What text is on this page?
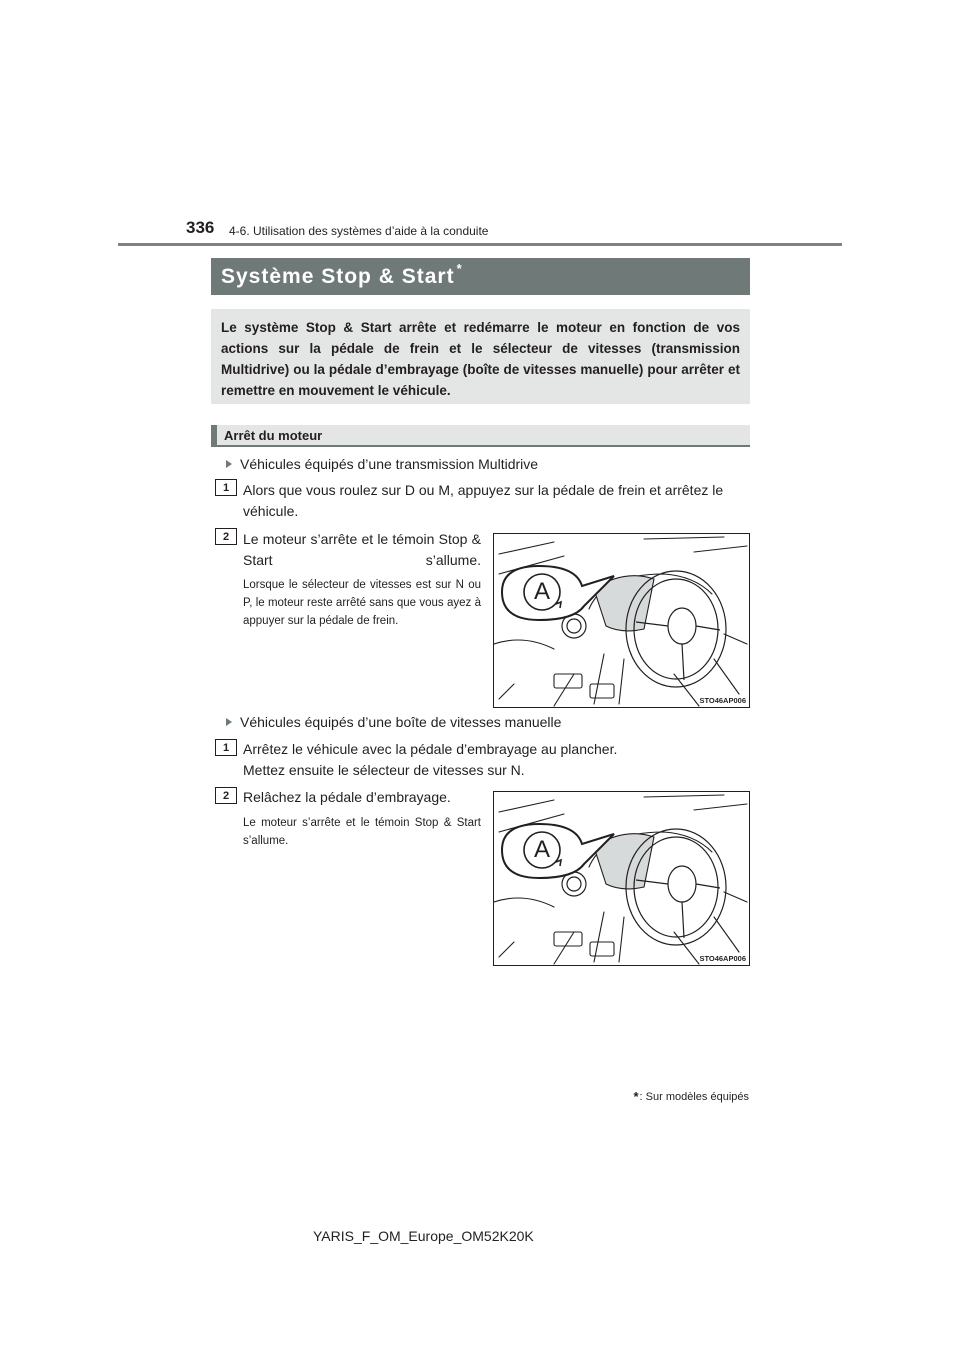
336 4-6. Utilisation des systèmes d’aide à la conduite
Système Stop & Start *
Le système Stop & Start arrête et redémarre le moteur en fonction de vos actions sur la pédale de frein et le sélecteur de vitesses (transmission Multidrive) ou la pédale d’embrayage (boîte de vitesses manuelle) pour arrêter et remettre en mouvement le véhicule.
Arrêt du moteur
Véhicules équipés d’une transmission Multidrive
1 Alors que vous roulez sur D ou M, appuyez sur la pédale de frein et arrêtez le véhicule.
2 Le moteur s’arrête et le témoin Stop & Start s’allume.
Lorsque le sélecteur de vitesses est sur N ou P, le moteur reste arrêté sans que vous ayez à appuyer sur la pédale de frein.
A
STO46AP006
Véhicules équipés d’une boîte de vitesses manuelle
1 Arrêtez le véhicule avec la pédale d’embrayage au plancher.
Mettez ensuite le sélecteur de vitesses sur N.
2 Relâchez la pédale d’embrayage.
Le moteur s’arrête et le témoin Stop & Start s’allume.	A
STO46AP006
* : Sur modèles équipés
YARIS_F_OM_Europe_OM52K20K
